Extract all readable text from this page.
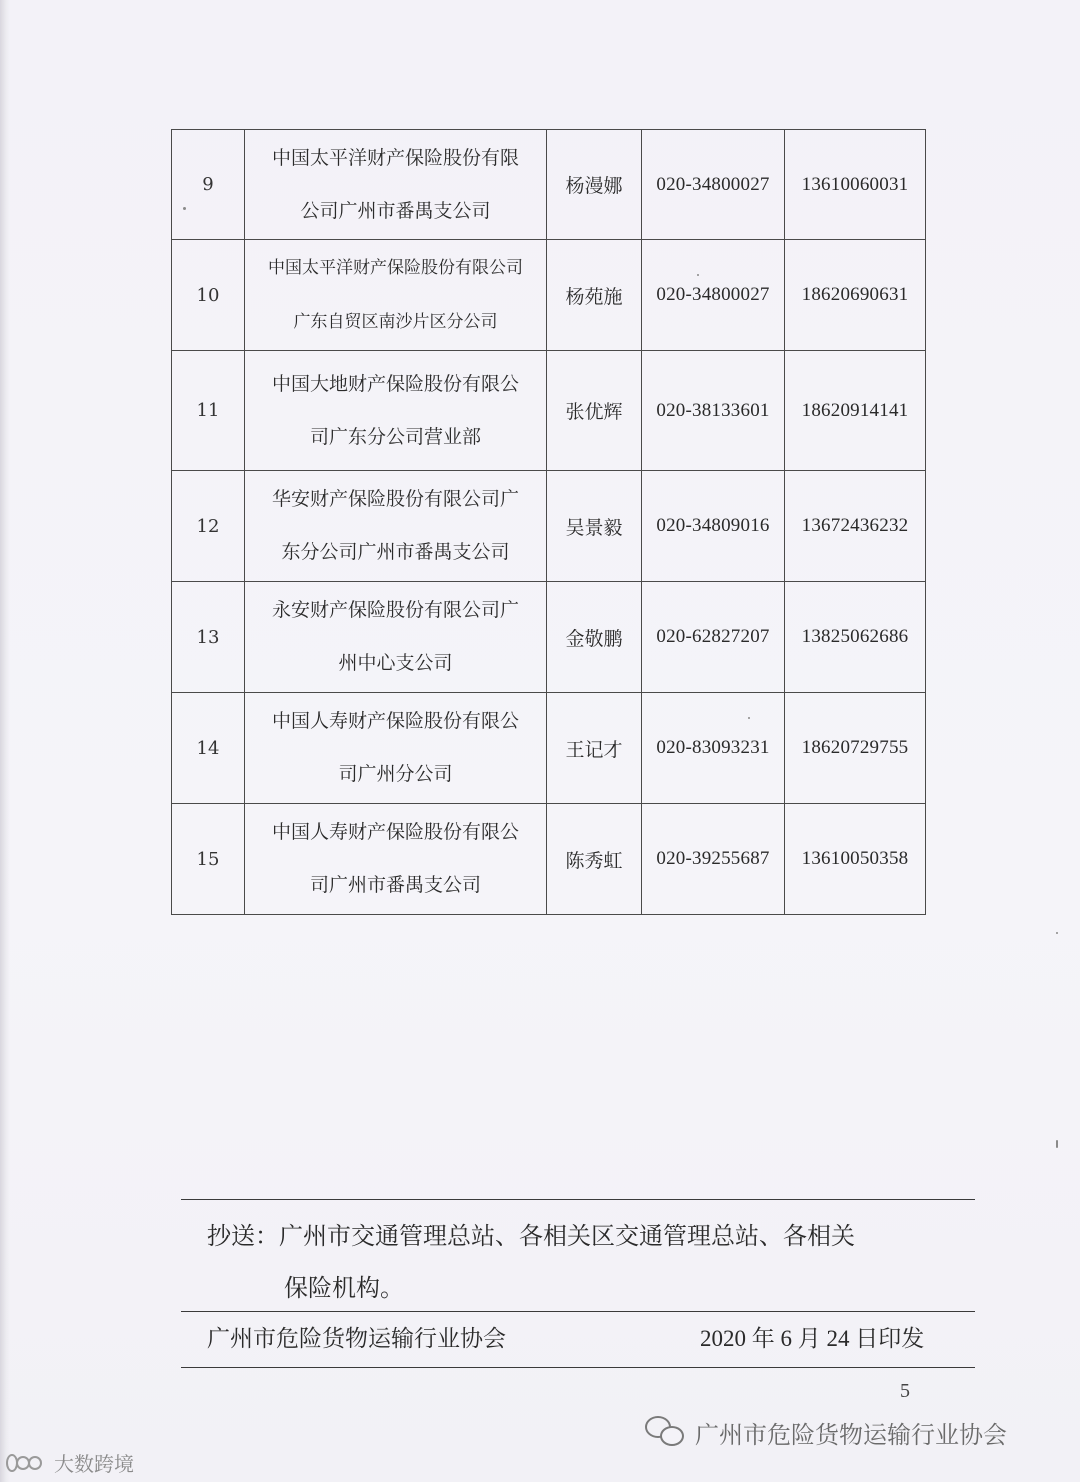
9	中国太平洋财产保险股份有限
公司广州市番禺支公司	杨漫娜	020-34800027	13610060031
10	中国太平洋财产保险股份有限公司
广东自贸区南沙片区分公司	杨苑施	020-34800027	18620690631
11	中国大地财产保险股份有限公
司广东分公司营业部	张优辉	020-38133601	18620914141
12	华安财产保险股份有限公司广
东分公司广州市番禺支公司	吴景毅	020-34809016	13672436232
13	永安财产保险股份有限公司广
州中心支公司	金敬鹏	020-62827207	13825062686
14	中国人寿财产保险股份有限公
司广州分公司	王记才	020-83093231	18620729755
15	中国人寿财产保险股份有限公
司广州市番禺支公司	陈秀虹	020-39255687	13610050358
抄送：广州市交通管理总站、各相关区交通管理总站、各相关
保险机构。
广州市危险货物运输行业协会	2020 年 6 月 24 日印发
5
广州市危险货物运输行业协会
大数跨境
